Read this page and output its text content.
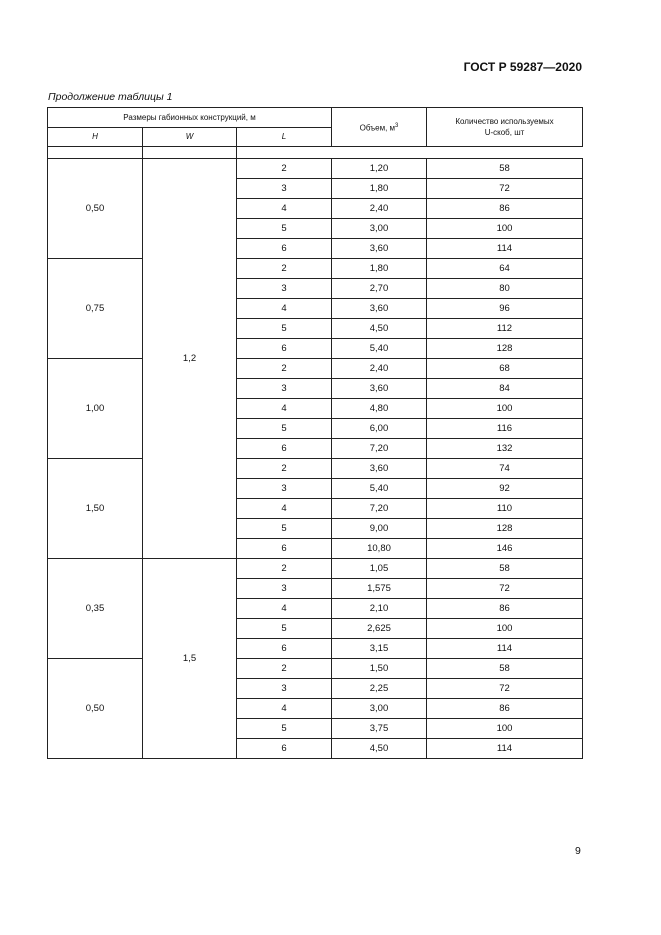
ГОСТ Р 59287—2020
Продолжение таблицы 1
Размеры габионных конструкций, м			Объем, $м^3$	Количество используемых
U-скоб, шт
H	W	L		

0,50	1,2	2	1,20	58
		3	1,80	72
		4	2,40	86
		5	3,00	100
		6	3,60	114
0,75		2	1,80	64
		3	2,70	80
		4	3,60	96
		5	4,50	112
		6	5,40	128
1,00		2	2,40	68
		3	3,60	84
		4	4,80	100
		5	6,00	116
		6	7,20	132
1,50		2	3,60	74
		3	5,40	92
		4	7,20	110
		5	9,00	128
		6	10,80	146
0,35	1,5	2	1,05	58
		3	1,575	72
		4	2,10	86
		5	2,625	100
		6	3,15	114
0,50		2	1,50	58
		3	2,25	72
		4	3,00	86
		5	3,75	100
		6	4,50	114
9
